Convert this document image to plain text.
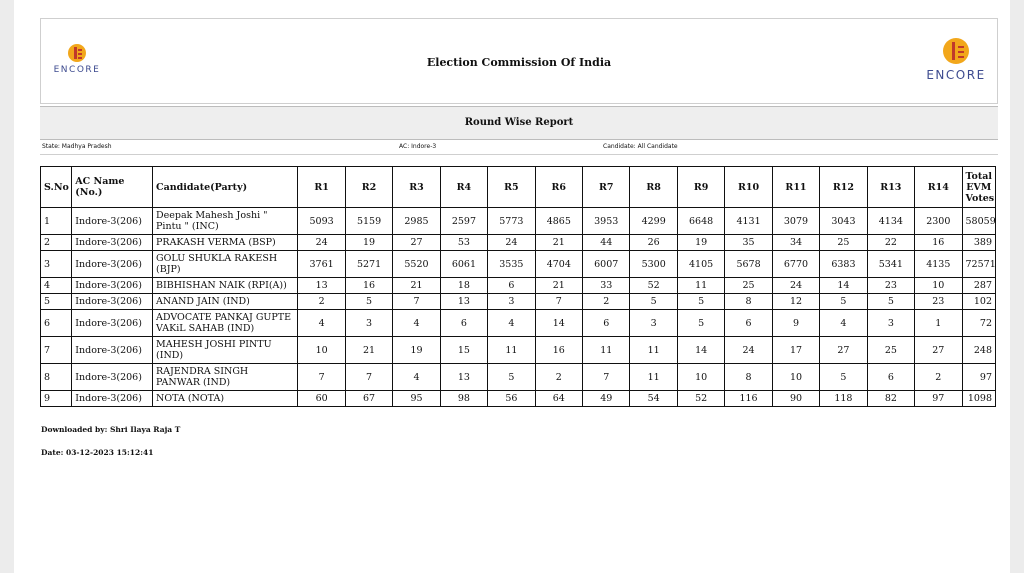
ENCORE
Election Commission Of India
ENCORE
Round Wise Report
State: Madhya Pradesh	AC: Indore-3	Candidate: All Candidate
S.No	AC Name (No.)	Candidate(Party)	R1	R2	R3	R4	R5	R6	R7	R8	R9	R10	R11	R12	R13	R14	Total EVM Votes
1	Indore-3(206)	Deepak Mahesh Joshi " Pintu " (INC)	5093	5159	2985	2597	5773	4865	3953	4299	6648	4131	3079	3043	4134	2300	58059
2	Indore-3(206)	PRAKASH VERMA (BSP)	24	19	27	53	24	21	44	26	19	35	34	25	22	16	389
3	Indore-3(206)	GOLU SHUKLA RAKESH (BJP)	3761	5271	5520	6061	3535	4704	6007	5300	4105	5678	6770	6383	5341	4135	72571
4	Indore-3(206)	BIBHISHAN NAIK (RPI(A))	13	16	21	18	6	21	33	52	11	25	24	14	23	10	287
5	Indore-3(206)	ANAND JAIN (IND)	2	5	7	13	3	7	2	5	5	8	12	5	5	23	102
6	Indore-3(206)	ADVOCATE PANKAJ GUPTE VAKiL SAHAB (IND)	4	3	4	6	4	14	6	3	5	6	9	4	3	1	72
7	Indore-3(206)	MAHESH JOSHI PINTU (IND)	10	21	19	15	11	16	11	11	14	24	17	27	25	27	248
8	Indore-3(206)	RAJENDRA SINGH PANWAR (IND)	7	7	4	13	5	2	7	11	10	8	10	5	6	2	97
9	Indore-3(206)	NOTA (NOTA)	60	67	95	98	56	64	49	54	52	116	90	118	82	97	1098
Downloaded by: Shri Ilaya Raja T
Date: 03-12-2023 15:12:41
